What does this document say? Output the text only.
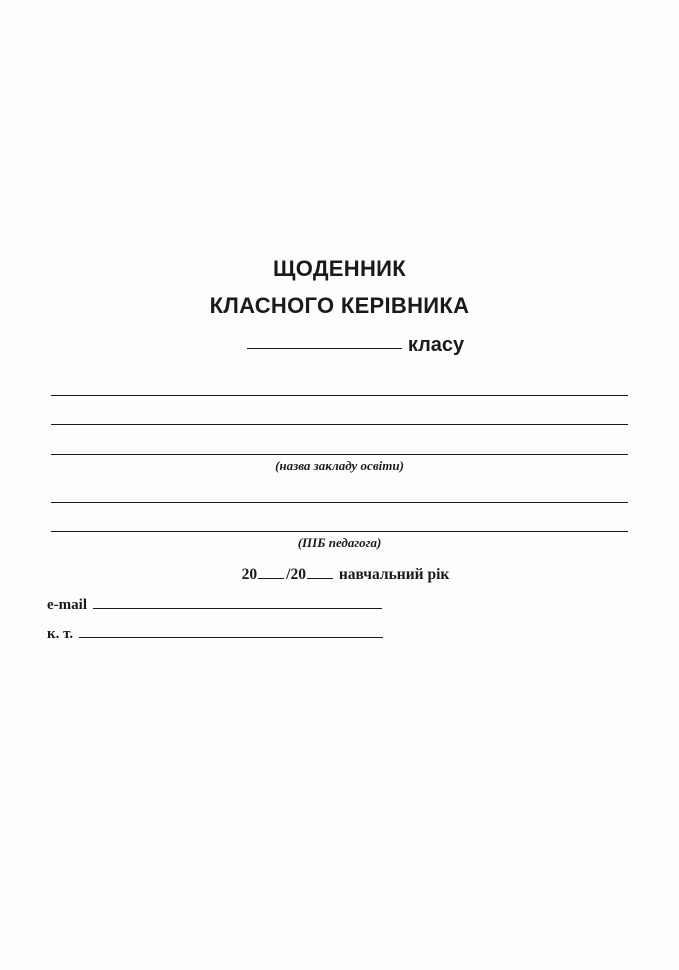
ЩОДЕННИК
КЛАСНОГО КЕРІВНИКА
класу
(назва закладу освіти)
(ПІБ педагога)
20 /20 навчальний рік
e-mail
к. т.
